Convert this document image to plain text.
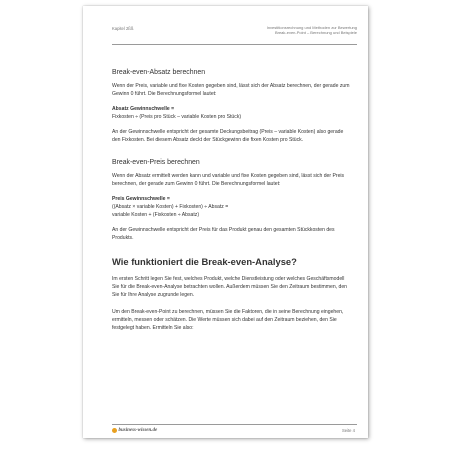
Kapitel 2ßß	Investitionsrechnung und Methoden zur Bewertung
Break-even-Point – Berechnung und Beispiele
Break-even-Absatz berechnen

Wenn der Preis, variable und fixe Kosten gegeben sind, lässt sich der Absatz berechnen, der gerade zum Gewinn 0 führt. Die Berechnungsformel lautet:

Absatz Gewinnschwelle =

Fixkosten ÷ (Preis pro Stück – variable Kosten pro Stück)

An der Gewinnschwelle entspricht der gesamte Deckungsbeitrag (Preis – variable Kosten) also gerade den Fixkosten. Bei diesem Absatz deckt der Stückgewinn die fixen Kosten pro Stück.

Break-even-Preis berechnen

Wenn der Absatz ermittelt werden kann und variable und fixe Kosten gegeben sind, lässt sich der Preis berechnen, der gerade zum Gewinn 0 führt. Die Berechnungsformel lautet:

Preis Gewinnschwelle =

((Absatz × variable Kosten) + Fixkosten) ÷ Absatz =

variable Kosten + (Fixkosten ÷ Absatz)

An der Gewinnschwelle entspricht der Preis für das Produkt genau den gesamten Stückkosten des Produkts.

Wie funktioniert die Break-even-Analyse?

Im ersten Schritt legen Sie fest, welches Produkt, welche Dienstleistung oder welches Geschäftsmodell Sie für die Break-even-Analyse betrachten wollen. Außerdem müssen Sie den Zeitraum bestimmen, den Sie für Ihre Analyse zugrunde legen.

Um den Break-even-Point zu berechnen, müssen Sie die Faktoren, die in seine Berechnung eingehen, ermitteln, messen oder schätzen. Die Werte müssen sich dabei auf den Zeitraum beziehen, den Sie festgelegt haben. Ermitteln Sie also:

business-wissen.de	Seite 4
